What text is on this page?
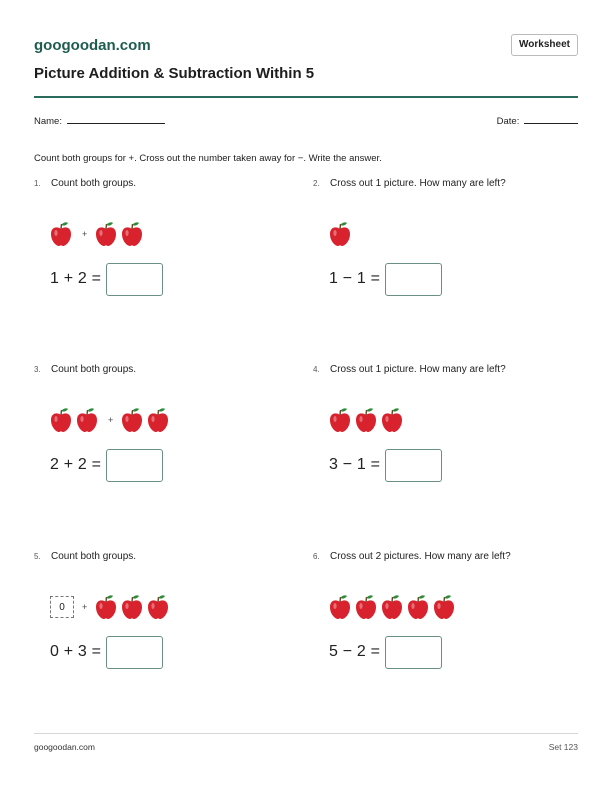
googoodan.com	Worksheet
Picture Addition & Subtraction Within 5
Name:	Date:
Count both groups for +. Cross out the number taken away for −. Write the answer.
1. Count both groups.
+
1 + 2 =
2. Cross out 1 picture. How many are left?
1 − 1 =
3. Count both groups.
+
2 + 2 =
4. Cross out 1 picture. How many are left?
3 − 1 =
5. Count both groups.
0	+
0 + 3 =
6. Cross out 2 pictures. How many are left?
5 − 2 =
googoodan.com	Set 123
